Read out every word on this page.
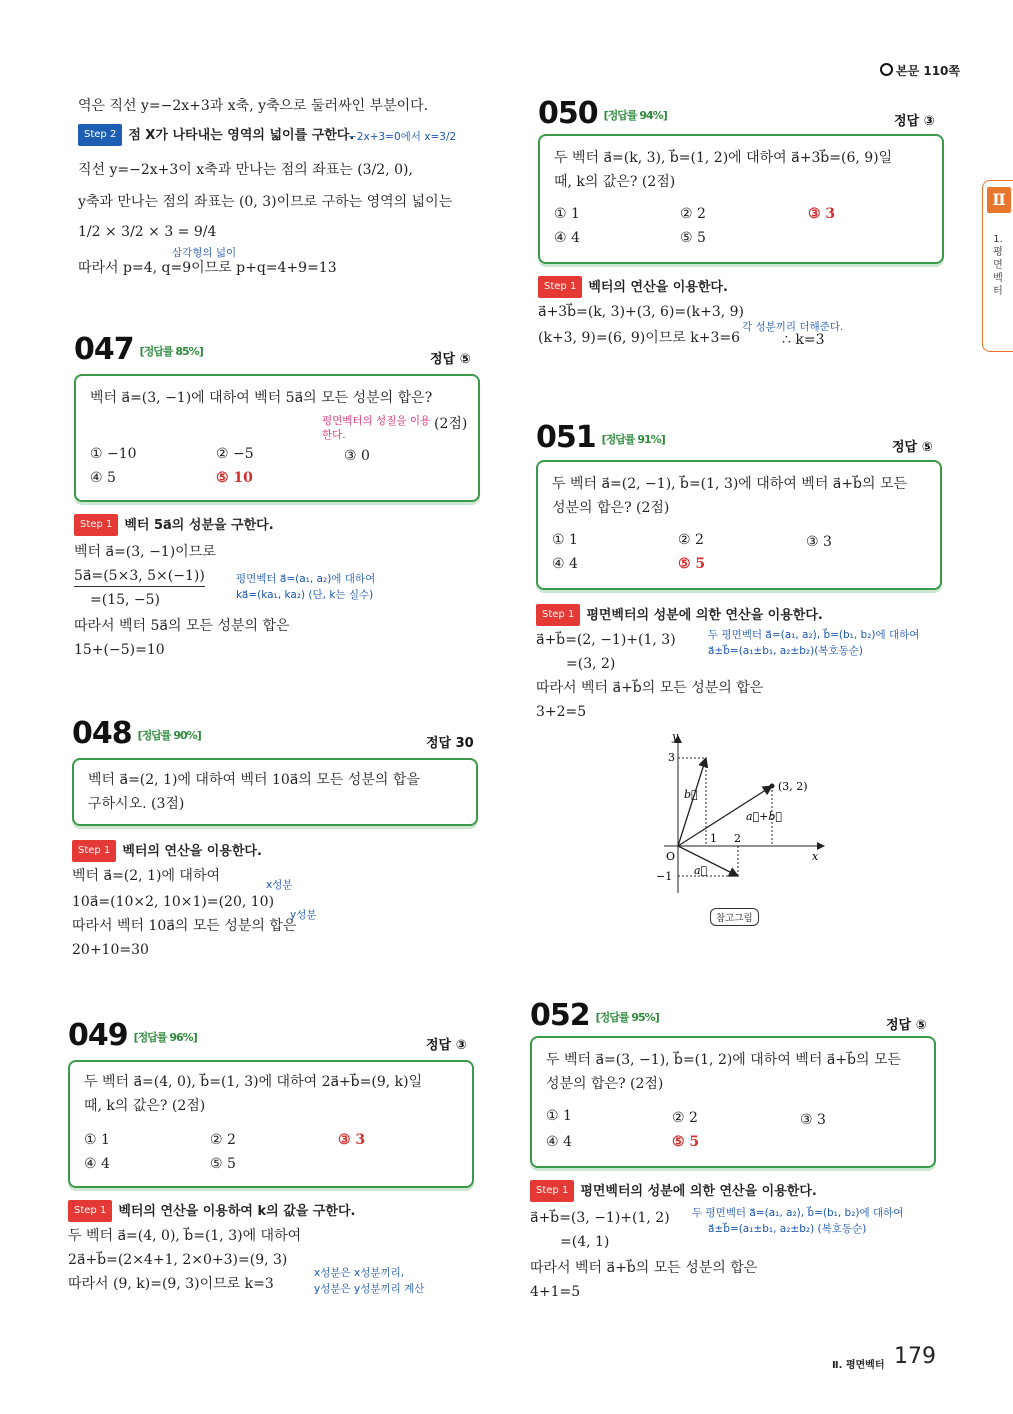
본문 110쪽
Ⅱ
1. 평면벡터
역은 직선 y=−2x+3과 x축, y축으로 둘러싸인 부분이다.
Step 2 점 X가 나타내는 영역의 넓이를 구한다.
−2x+3=0에서 x=3/2
직선 y=−2x+3이 x축과 만나는 점의 좌표는 (3/2, 0),
y축과 만나는 점의 좌표는 (0, 3)이므로 구하는 영역의 넓이는
1/2 × 3/2 × 3 = 9/4
삼각형의 넓이
따라서 p=4, q=9이므로 p+q=4+9=13
047 [정답률 85%]
정답 ⑤
벡터 a⃗=(3, −1)에 대하여 벡터 5a⃗의 모든 성분의 합은?
(2점)
평면벡터의 성질을 이용한다.
① −10	② −5	③ 0
④ 5	⑤ 10
Step 1 벡터 5a⃗의 성분을 구한다.
벡터 a⃗=(3, −1)이므로
5a⃗=(5×3, 5×(−1))	평면벡터 a⃗=(a₁, a₂)에 대하여
ka⃗=(ka₁, ka₂) (단, k는 실수)
=(15, −5)
따라서 벡터 5a⃗의 모든 성분의 합은
15+(−5)=10
048 [정답률 90%]
정답 30
벡터 a⃗=(2, 1)에 대하여 벡터 10a⃗의 모든 성분의 합을
구하시오. (3점)
Step 1 벡터의 연산을 이용한다.
벡터 a⃗=(2, 1)에 대하여
x성분
10a⃗=(10×2, 10×1)=(20, 10)
y성분
따라서 벡터 10a⃗의 모든 성분의 합은
20+10=30
049 [정답률 96%]
정답 ③
두 벡터 a⃗=(4, 0), b⃗=(1, 3)에 대하여 2a⃗+b⃗=(9, k)일
때, k의 값은? (2점)
① 1	② 2	③ 3
④ 4	⑤ 5
Step 1 벡터의 연산을 이용하여 k의 값을 구한다.
두 벡터 a⃗=(4, 0), b⃗=(1, 3)에 대하여
2a⃗+b⃗=(2×4+1, 2×0+3)=(9, 3)
따라서 (9, k)=(9, 3)이므로 k=3
x성분은 x성분끼리,
y성분은 y성분끼리 계산
050 [정답률 94%]	정답 ③
두 벡터 a⃗=(k, 3), b⃗=(1, 2)에 대하여 a⃗+3b⃗=(6, 9)일
때, k의 값은? (2점)
① 1	② 2	③ 3
④ 4	⑤ 5
Step 1 벡터의 연산을 이용한다.
a⃗+3b⃗=(k, 3)+(3, 6)=(k+3, 9)
각 성분끼리 더해준다.
(k+3, 9)=(6, 9)이므로 k+3=6	∴ k=3
051 [정답률 91%]
정답 ⑤
두 벡터 a⃗=(2, −1), b⃗=(1, 3)에 대하여 벡터 a⃗+b⃗의 모든
성분의 합은? (2점)
① 1	② 2	③ 3
④ 4	⑤ 5
Step 1 평면벡터의 성분에 의한 연산을 이용한다.
a⃗+b⃗=(2, −1)+(1, 3)	두 평면벡터 a⃗=(a₁, a₂), b⃗=(b₁, b₂)에 대하여
a⃗±b⃗=(a₁±b₁, a₂±b₂)(복호동순)
=(3, 2)
따라서 벡터 a⃗+b⃗의 모든 성분의 합은
3+2=5
y
x
O
3
−1
1 2
(3, 2)
a⃗
b⃗
a⃗+b⃗
참고그림
052 [정답률 95%]
정답 ⑤
두 벡터 a⃗=(3, −1), b⃗=(1, 2)에 대하여 벡터 a⃗+b⃗의 모든
성분의 합은? (2점)
① 1	② 2	③ 3
④ 4	⑤ 5
Step 1 평면벡터의 성분에 의한 연산을 이용한다.
a⃗+b⃗=(3, −1)+(1, 2) 두 평면벡터 a⃗=(a₁, a₂), b⃗=(b₁, b₂)에 대하여
a⃗±b⃗=(a₁±b₁, a₂±b₂) (복호동순)
=(4, 1)
따라서 벡터 a⃗+b⃗의 모든 성분의 합은
4+1=5
Ⅱ. 평면벡터 179
